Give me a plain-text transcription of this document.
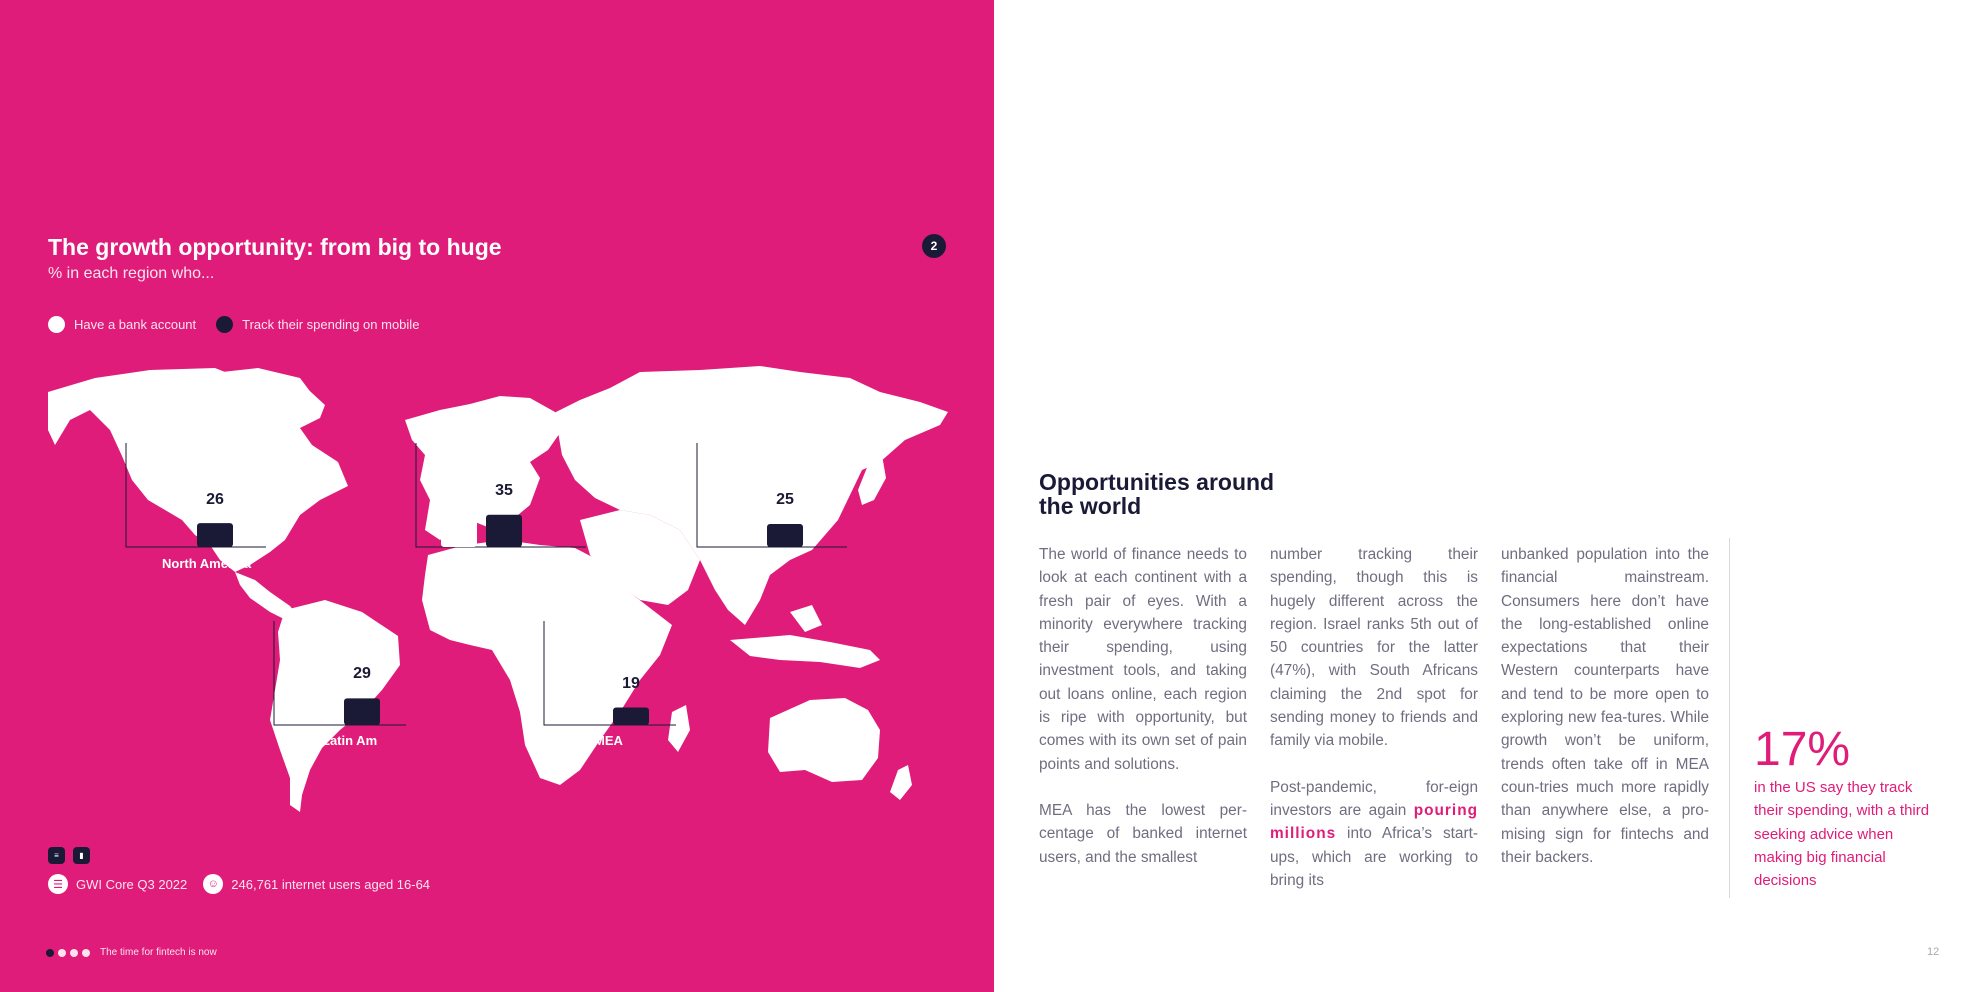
The growth opportunity: from big to huge
% in each region who...
2
Have a bank account	Track their spending on mobile
26
35
25
29
19
86
North America
Latin Am	MEA
≡	▮
☰	GWI Core Q3 2022	☺ 246,761 internet users aged 16-64
The time for fintech is now
Opportunities around the world

The world of finance needs to look at each continent with a fresh pair of eyes. With a minority everywhere tracking their spending, using investment tools, and taking out loans online, each region is ripe with opportunity, but comes with its own set of pain points and solutions.

MEA has the lowest per-centage of banked internet users, and the smallest

number tracking their spending, though this is hugely different across the region. Israel ranks 5th out of 50 countries for the latter (47%), with South Africans claiming the 2nd spot for sending money to friends and family via mobile.

Post-pandemic, for-eign investors are again pouring millions into Africa’s start-ups, which are working to bring its

unbanked population into the financial mainstream. Consumers here don’t have the long-established online expectations that their Western counterparts have and tend to be more open to exploring new fea-tures. While growth won’t be uniform, trends often take off in MEA coun-tries much more rapidly than anywhere else, a pro-mising sign for fintechs and their backers.

17%
in the US say they track their spending, with a third seeking advice when making big financial decisions
12
